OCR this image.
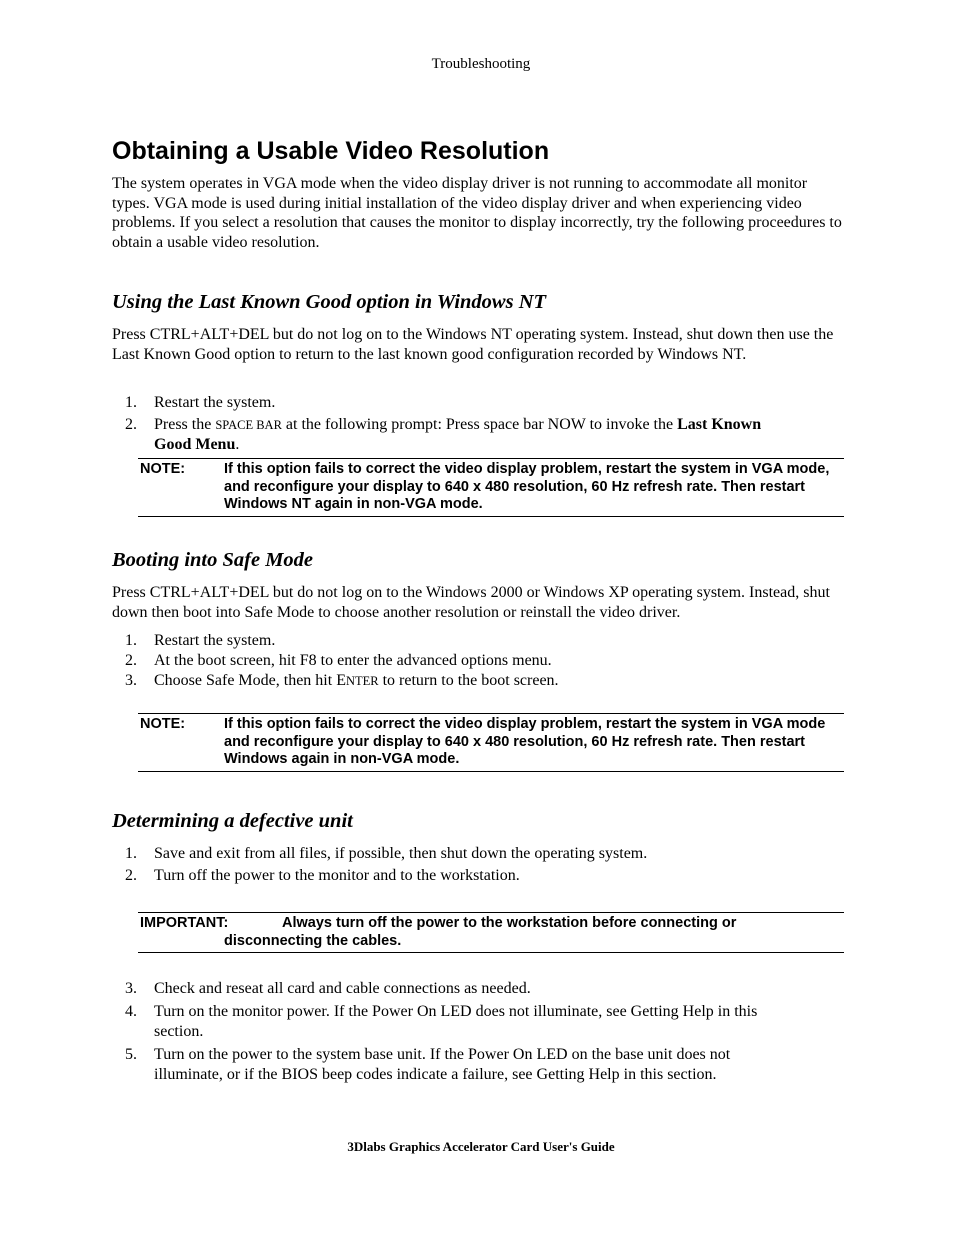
Troubleshooting
Obtaining a Usable Video Resolution
The system operates in VGA mode when the video display driver is not running to accommodate all monitor types. VGA mode is used during initial installation of the video display driver and when experiencing video problems. If you select a resolution that causes the monitor to display incorrectly, try the following proceedures to obtain a usable video resolution.
Using the Last Known Good option in Windows NT
Press CTRL+ALT+DEL but do not log on to the Windows NT operating system. Instead, shut down then use the Last Known Good option to return to the last known good configuration recorded by Windows NT.
1. Restart the system.
2. Press the SPACE BAR at the following prompt: Press space bar NOW to invoke the Last Known Good Menu.
NOTE:	If this option fails to correct the video display problem, restart the system in VGA mode, and reconfigure your display to 640 x 480 resolution, 60 Hz refresh rate. Then restart Windows NT again in non-VGA mode.
Booting into Safe Mode
Press CTRL+ALT+DEL but do not log on to the Windows 2000 or Windows XP operating system. Instead, shut down then boot into Safe Mode to choose another resolution or reinstall the video driver.
1. Restart the system.
2. At the boot screen, hit F8 to enter the advanced options menu.
3. Choose Safe Mode, then hit ENTER to return to the boot screen.
NOTE:	If this option fails to correct the video display problem, restart the system in VGA mode and reconfigure your display to 640 x 480 resolution, 60 Hz refresh rate. Then restart Windows again in non-VGA mode.
Determining a defective unit
1. Save and exit from all files, if possible, then shut down the operating system.
2. Turn off the power to the monitor and to the workstation.
IMPORTANT:	Always turn off the power to the workstation before connecting or
disconnecting the cables.
3. Check and reseat all card and cable connections as needed.
4. Turn on the monitor power. If the Power On LED does not illuminate, see Getting Help in this section.
5. Turn on the power to the system base unit. If the Power On LED on the base unit does not illuminate, or if the BIOS beep codes indicate a failure, see Getting Help in this section.
3Dlabs Graphics Accelerator Card User's Guide
